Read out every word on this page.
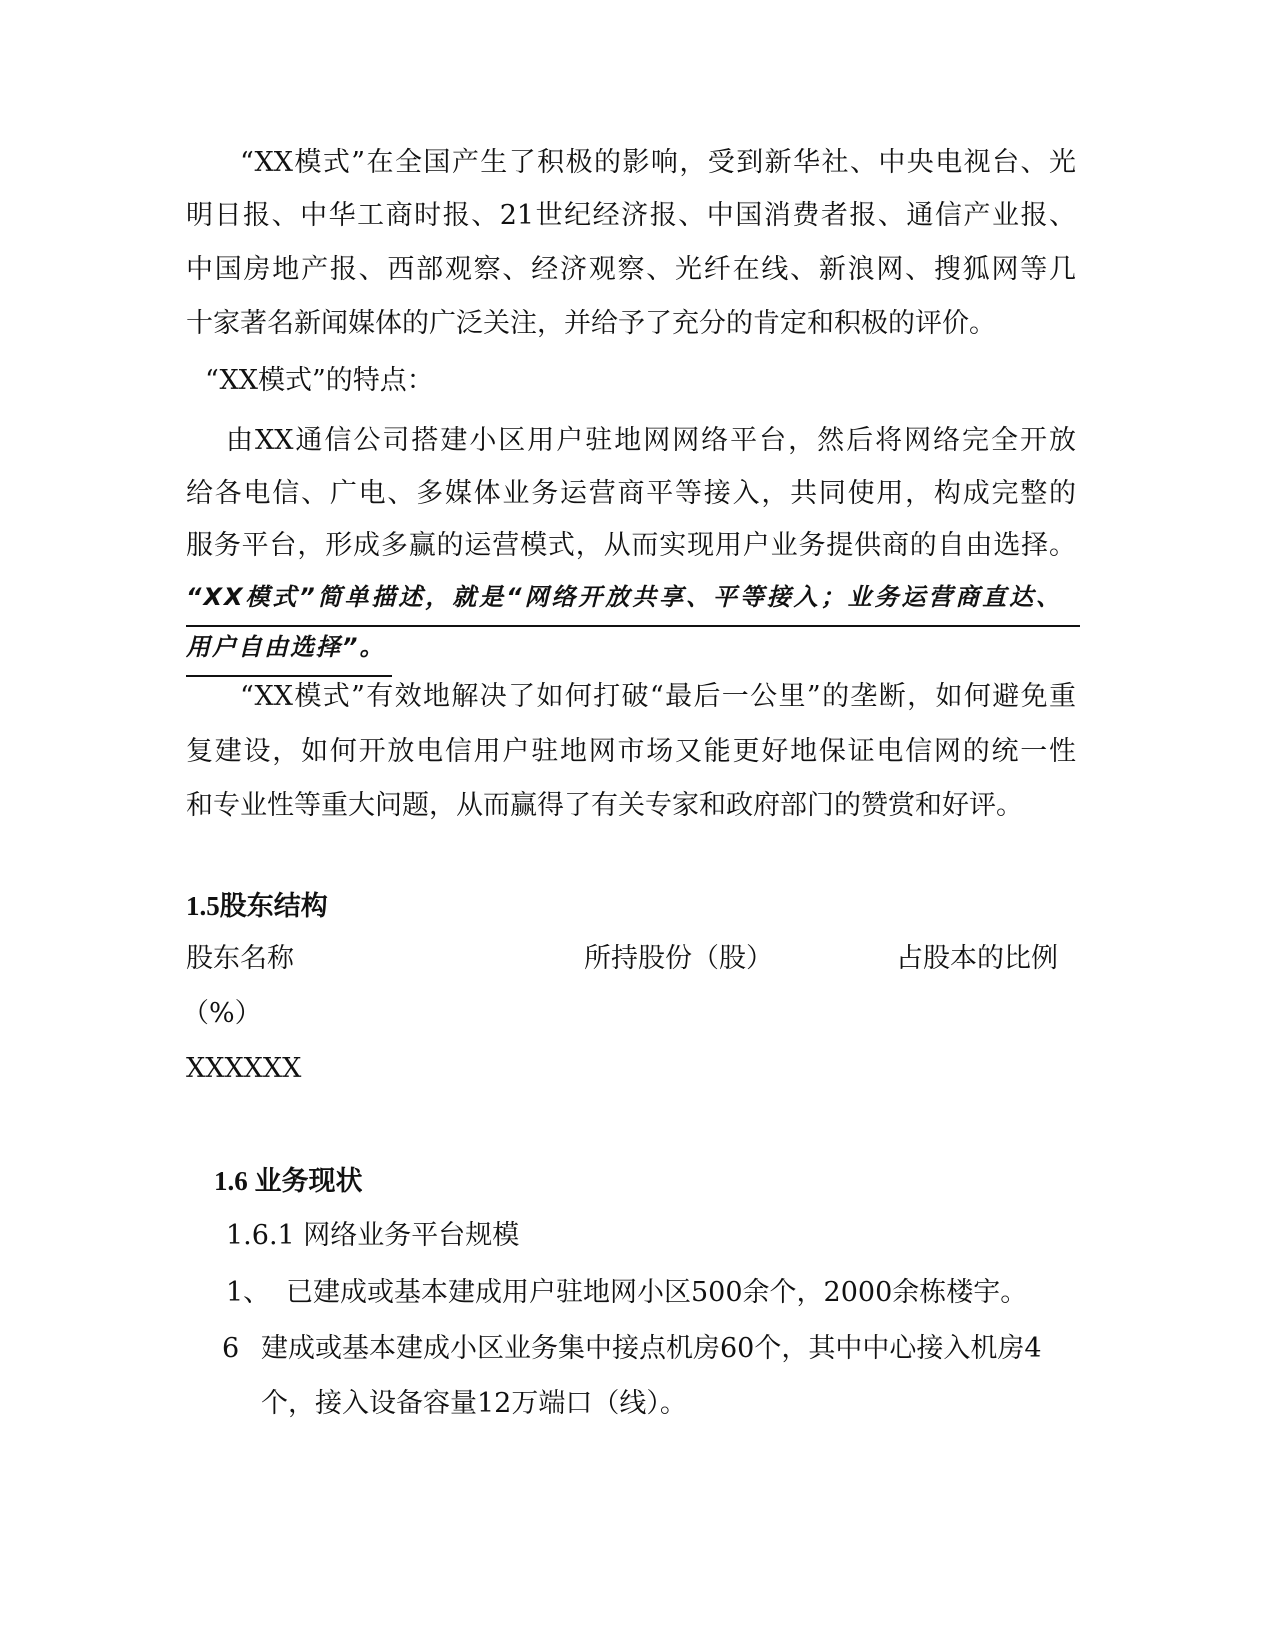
“XX模式”在全国产生了积极的影响，受到新华社、中央电视台、光
明日报、中华工商时报、21世纪经济报、中国消费者报、通信产业报、
中国房地产报、西部观察、经济观察、光纤在线、新浪网、搜狐网等几
十家著名新闻媒体的广泛关注，并给予了充分的肯定和积极的评价。
“XX模式”的特点：
由XX通信公司搭建小区用户驻地网网络平台，然后将网络完全开放
给各电信、广电、多媒体业务运营商平等接入，共同使用，构成完整的
服务平台，形成多赢的运营模式，从而实现用户业务提供商的自由选择。
“XX模式”简单描述，就是“网络开放共享、平等接入；业务运营商直达、
用户自由选择”。
“XX模式”有效地解决了如何打破“最后一公里”的垄断，如何避免重
复建设，如何开放电信用户驻地网市场又能更好地保证电信网的统一性
和专业性等重大问题，从而赢得了有关专家和政府部门的赞赏和好评。
1.5股东结构
股东名称	所持股份（股）	占股本的比例
（%）
XXXXXX
1.6 业务现状
1.6.1 网络业务平台规模
1、 已建成或基本建成用户驻地网小区500余个，2000余栋楼宇。
6 建成或基本建成小区业务集中接点机房60个，其中中心接入机房4
个，接入设备容量12万端口（线）。
